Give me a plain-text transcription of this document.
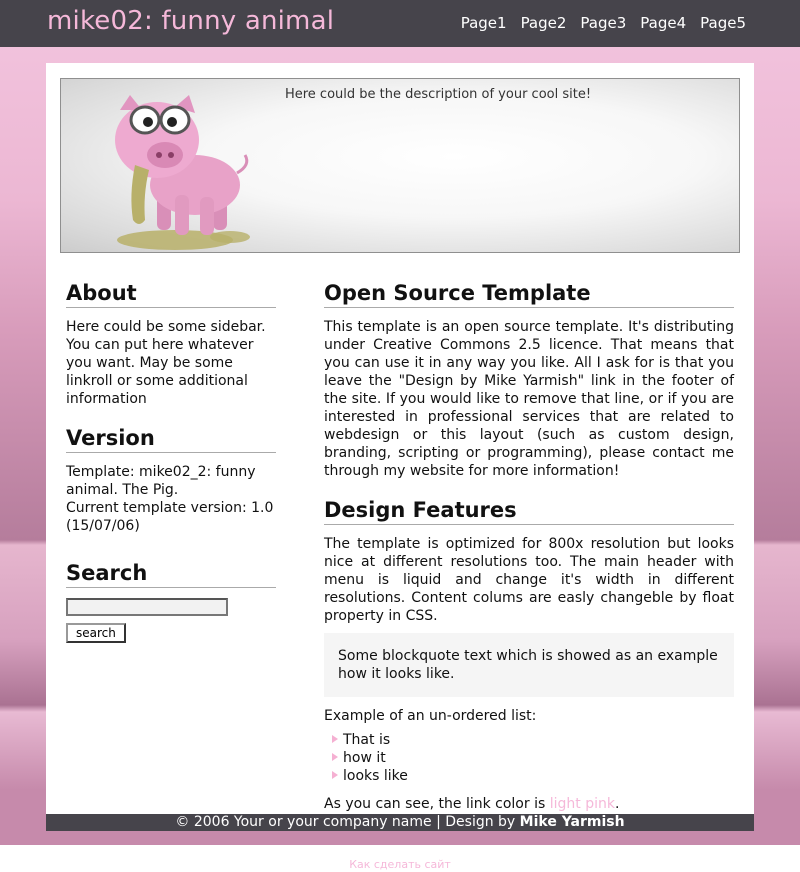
mike02: funny animal	Page1 Page2 Page3 Page4 Page5
Here could be the description of your cool site!
About

Here could be some sidebar. You can put here whatever you want. May be some linkroll or some additional information

Version

Template: mike02_2: funny animal. The Pig.
Current template version: 1.0 (15/07/06)

Search
search
Open Source Template

This template is an open source template. It's distributing under Creative Commons 2.5 licence. That means that you can use it in any way you like. All I ask for is that you leave the "Design by Mike Yarmish" link in the footer of the site. If you would like to remove that line, or if you are interested in professional services that are related to webdesign or this layout (such as custom design, branding, scripting or programming), please contact me through my website for more information!

Design Features

The template is optimized for 800x resolution but looks nice at different resolutions too. The main header with menu is liquid and change it's width in different resolutions. Content colums are easly changeble by float property in CSS.

Some blockquote text which is showed as an example how it looks like.

Example of an un-ordered list:

That is
how it
looks like

As you can see, the link color is light pink.

© 2006 Your or your company name | Design by Mike Yarmish
Как сделать сайт
